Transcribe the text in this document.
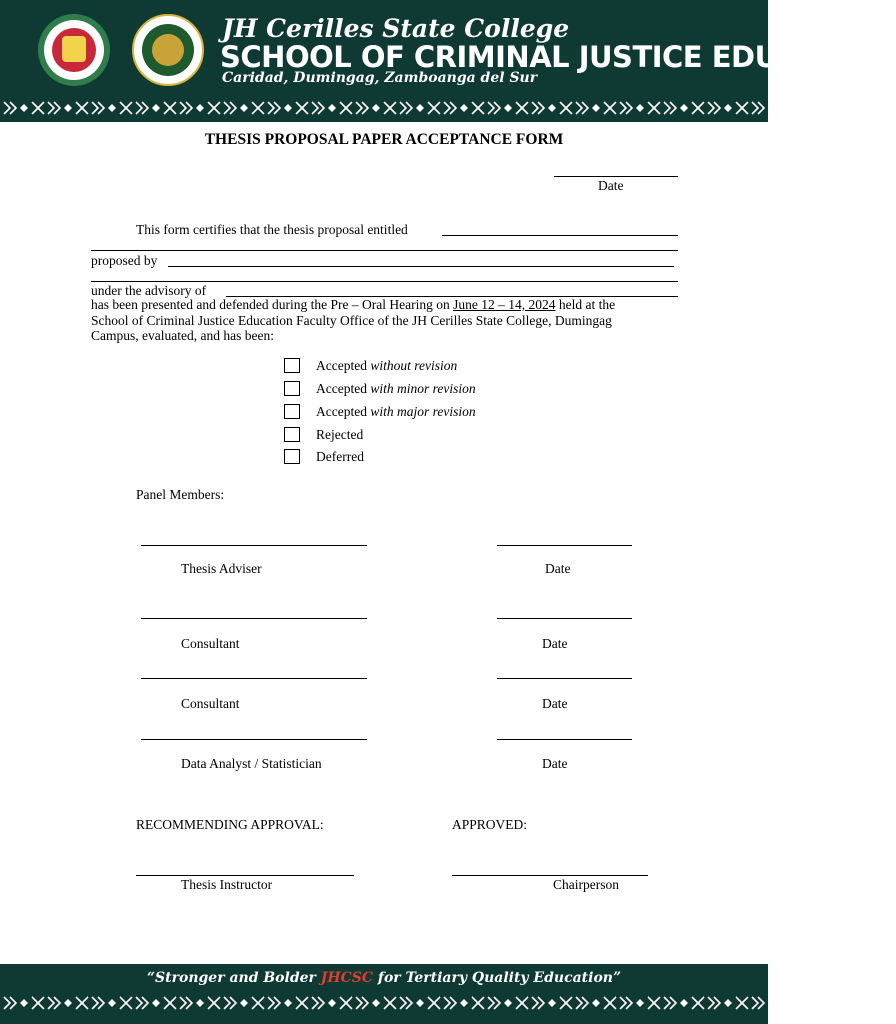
JH Cerilles State College
SCHOOL OF CRIMINAL JUSTICE EDUCATION
Caridad, Dumingag, Zamboanga del Sur
THESIS PROPOSAL PAPER ACCEPTANCE FORM
Date
This form certifies that the thesis proposal entitled
proposed by
under the advisory of
has been presented and defended during the Pre – Oral Hearing on June 12 – 14, 2024 held at the
School of Criminal Justice Education Faculty Office of the JH Cerilles State College, Dumingag
Campus, evaluated, and has been:
Accepted without revision
Accepted with minor revision
Accepted with major revision
Rejected
Deferred
Panel Members:
Thesis Adviser	Date
Consultant	Date
Consultant	Date
Data Analyst / Statistician	Date
RECOMMENDING APPROVAL:	APPROVED:
Thesis Instructor	Chairperson
“Stronger and Bolder JHCSC for Tertiary Quality Education”
